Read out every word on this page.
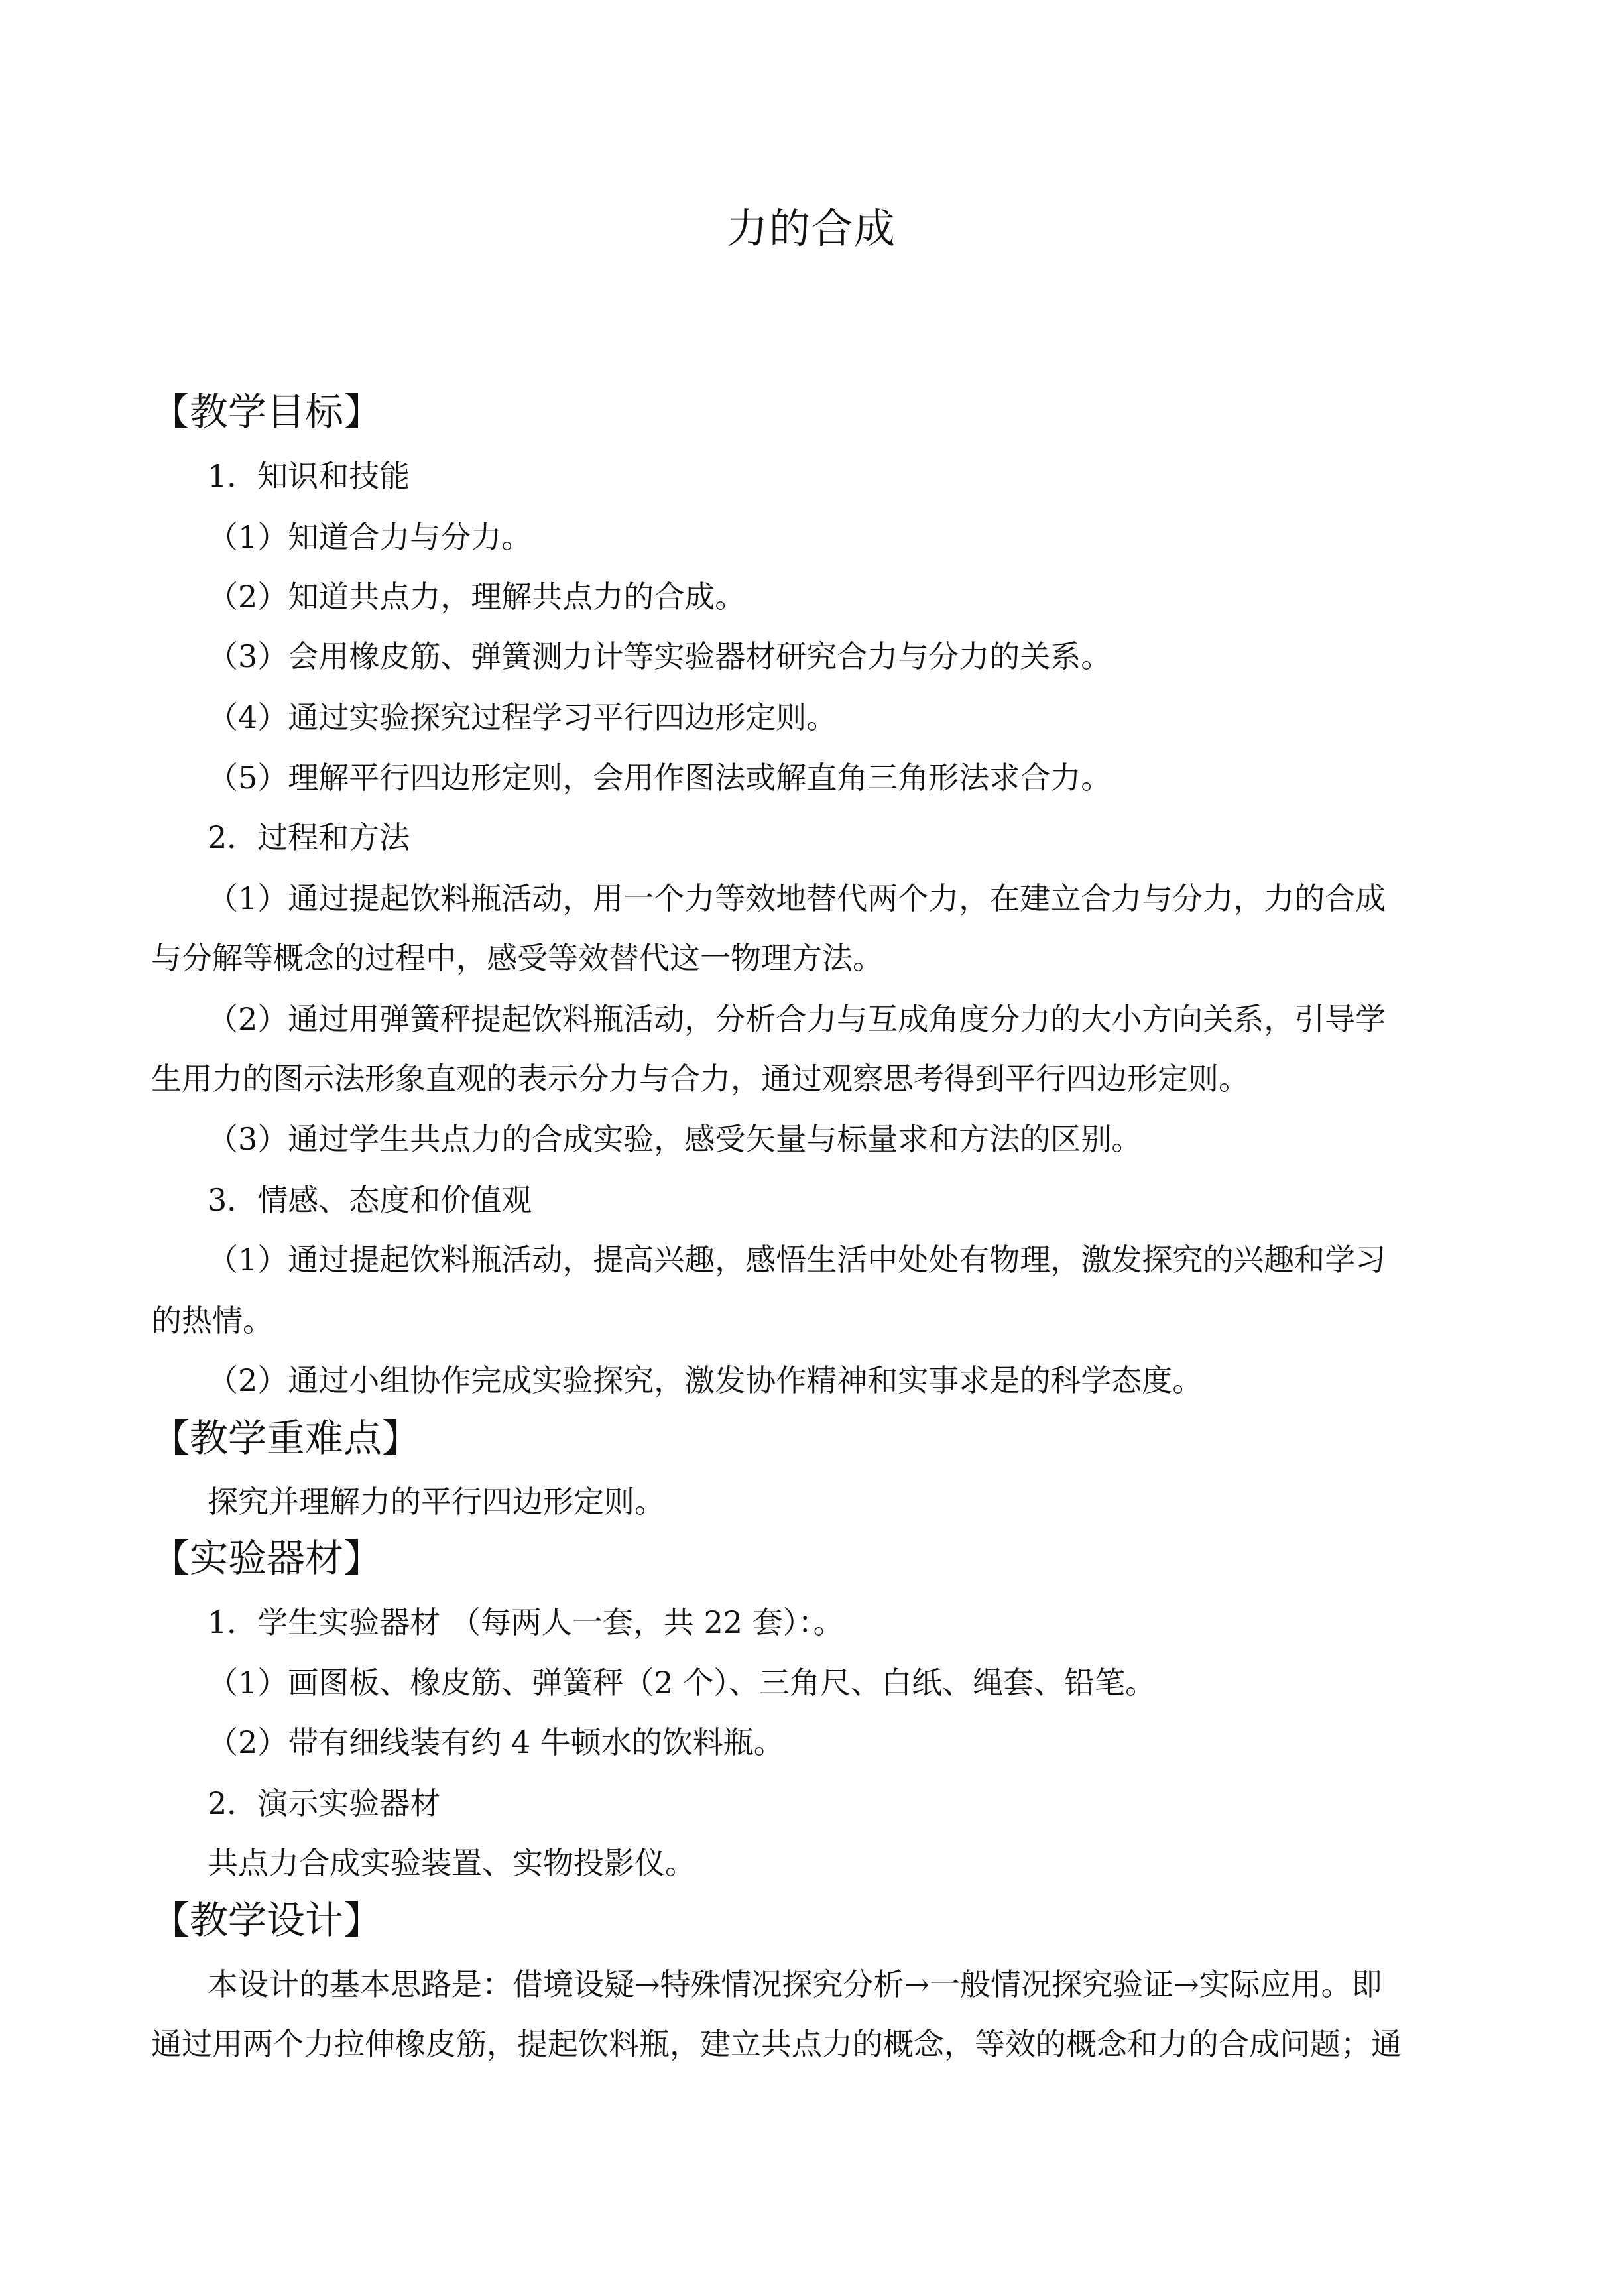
力的合成
【教学目标】
1．知识和技能
（1）知道合力与分力。
（2）知道共点力，理解共点力的合成。
（3）会用橡皮筋、弹簧测力计等实验器材研究合力与分力的关系。
（4）通过实验探究过程学习平行四边形定则。
（5）理解平行四边形定则，会用作图法或解直角三角形法求合力。
2．过程和方法
（1）通过提起饮料瓶活动，用一个力等效地替代两个力，在建立合力与分力，力的合成
与分解等概念的过程中，感受等效替代这一物理方法。
（2）通过用弹簧秤提起饮料瓶活动，分析合力与互成角度分力的大小方向关系，引导学
生用力的图示法形象直观的表示分力与合力，通过观察思考得到平行四边形定则。
（3）通过学生共点力的合成实验，感受矢量与标量求和方法的区别。
3．情感、态度和价值观
（1）通过提起饮料瓶活动，提高兴趣，感悟生活中处处有物理，激发探究的兴趣和学习
的热情。
（2）通过小组协作完成实验探究，激发协作精神和实事求是的科学态度。
【教学重难点】
探究并理解力的平行四边形定则。
【实验器材】
1．学生实验器材 （每两人一套，共 22 套）：。
（1）画图板、橡皮筋、弹簧秤（2 个）、三角尺、白纸、绳套、铅笔。
（2）带有细线装有约 4 牛顿水的饮料瓶。
2．演示实验器材
共点力合成实验装置、实物投影仪。
【教学设计】
本设计的基本思路是：借境设疑→特殊情况探究分析→一般情况探究验证→实际应用。即
通过用两个力拉伸橡皮筋，提起饮料瓶，建立共点力的概念，等效的概念和力的合成问题；通
